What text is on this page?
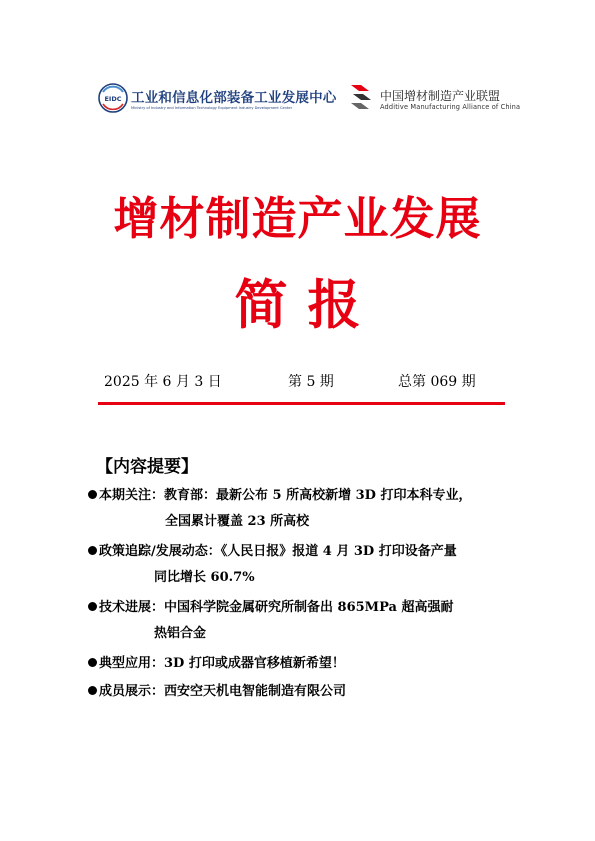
EIDC 工业和信息化部装备工业发展中心
Ministry of Industry and Information Technology Equipment Industry Development Center
中国增材制造产业联盟
Additive Manufacturing Alliance of China
增材制造产业发展
简报
2025 年 6 月 3 日	第 5 期	总第 069 期
【内容提要】
本期关注：教育部：最新公布 5 所高校新增 3D 打印本科专业，
全国累计覆盖 23 所高校
政策追踪/发展动态：《人民日报》报道 4 月 3D 打印设备产量
同比增长 60.7%
技术进展：中国科学院金属研究所制备出 865MPa 超高强耐
热铝合金
典型应用：3D 打印或成器官移植新希望！
成员展示：西安空天机电智能制造有限公司
